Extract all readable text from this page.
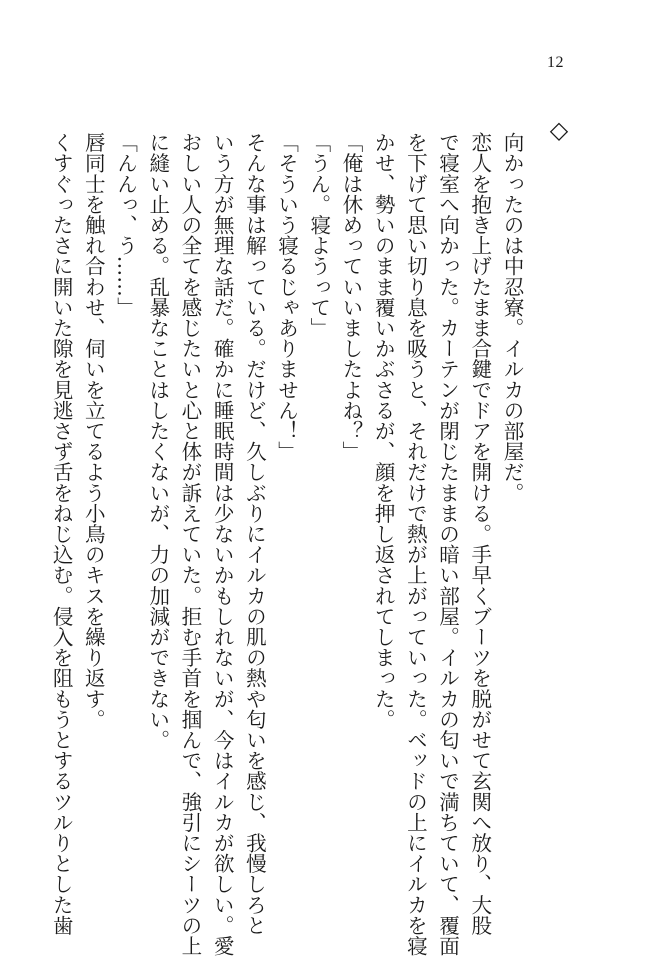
12
◇

向かったのは中忍寮。イルカの部屋だ。

恋人を抱き上げたまま合鍵でドアを開ける。手早くブーツを脱がせて玄関へ放り、大股

で寝室へ向かった。カーテンが閉じたままの暗い部屋。イルカの匂いで満ちていて、覆面

を下げて思い切り息を吸うと、それだけで熱が上がっていった。ベッドの上にイルカを寝

かせ、勢いのまま覆いかぶさるが、顔を押し返されてしまった。

「俺は休めっていいましたよね？」

「うん。寝ようって」

「そういう寝るじゃありません！」

そんな事は解っている。だけど、久しぶりにイルカの肌の熱や匂いを感じ、我慢しろと

いう方が無理な話だ。確かに睡眠時間は少ないかもしれないが、今はイルカが欲しい。愛

おしい人の全てを感じたいと心と体が訴えていた。拒む手首を掴んで、強引にシーツの上

に縫い止める。乱暴なことはしたくないが、力の加減ができない。

「んんっ、う……」

唇同士を触れ合わせ、伺いを立てるよう小鳥のキスを繰り返す。

くすぐったさに開いた隙を見逃さず舌をねじ込む。侵入を阻もうとするツルりとした歯
